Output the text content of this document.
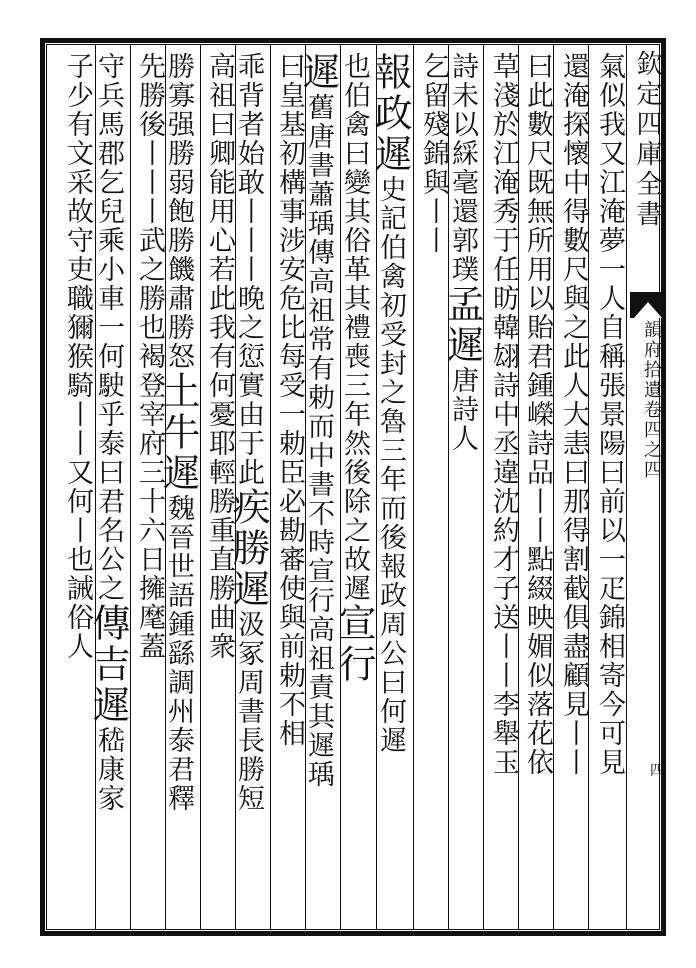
欽定四庫全書
韻府拾遺卷四之四
四
氣似我又江淹夢一人自稱張景陽曰前以一疋錦相寄今可見
還淹探懷中得數尺與之此人大恚曰那得割截俱盡顧見丨丨
曰此數尺既無所用以貽君鍾嶸詩品丨丨點綴映媚似落花依
草淺於江淹秀于任昉韓翃詩中丞違沈約才子送丨丨李舉玉
詩未以綵毫還郭璞孟遲唐詩人
乞留殘錦與丨丨
報政遲史記伯禽初受封之魯三年而後報政周公曰何遲
也伯禽曰變其俗革其禮喪三年然後除之故遲宣行
遲舊唐書蕭瑀傳高祖常有勅而中書不時宣行高祖責其遲瑀
曰皇基初構事涉安危比每受一勅臣必勘審使與前勅不相
乖背者始敢丨丨丨晚之愆實由于此疾勝遲汲冢周書長勝短
高祖曰卿能用心若此我有何憂耶輕勝重直勝曲衆
勝寡强勝弱飽勝饑肅勝怒土牛遲魏晉世語鍾繇調州泰君釋
先勝後丨丨丨武之勝也褐登宰府三十六日擁麾蓋
守兵馬郡乞兒乘小車一何駛乎泰曰君名公之傳吉遲嵇康家
子少有文采故守吏職獮猴騎丨丨又何丨也誡俗人
